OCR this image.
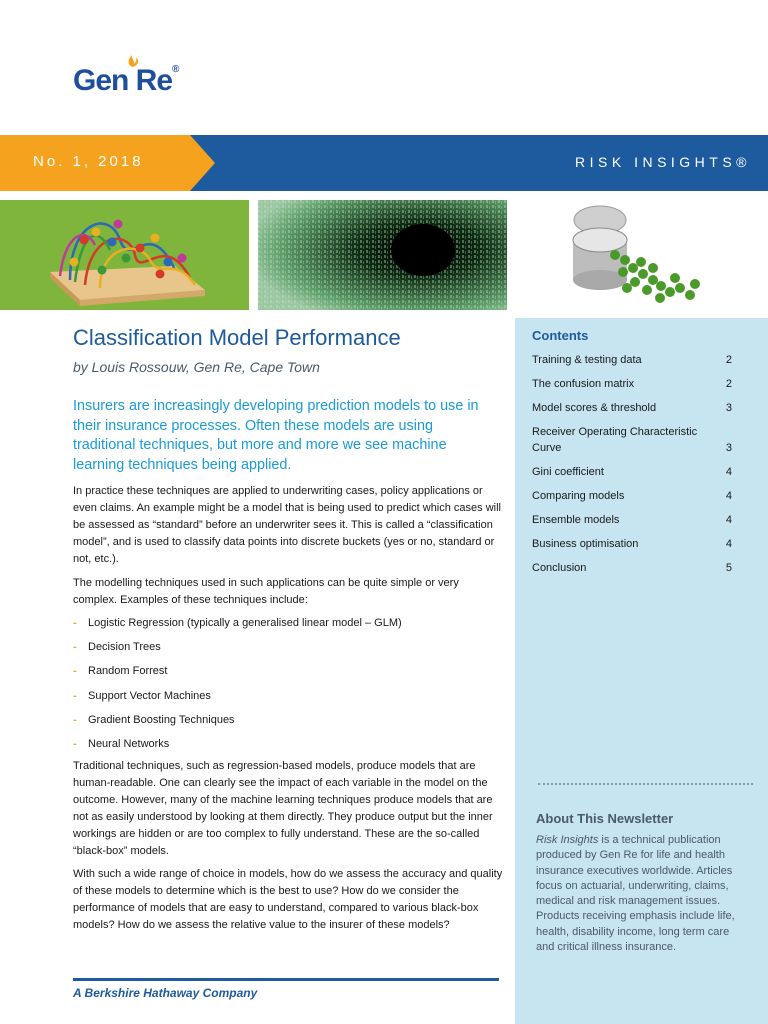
Gen Re®
No. 1, 2018	RISK INSIGHTS®
Contents
Training & testing data	2
The confusion matrix	2
Model scores & threshold	3
Receiver Operating Characteristic Curve	3
Gini coefficient	4
Comparing models	4
Ensemble models	4
Business optimisation	4
Conclusion	5
About This Newsletter
Risk Insights is a technical publication produced by Gen Re for life and health insurance executives worldwide. Articles focus on actuarial, underwriting, claims, medical and risk management issues. Products receiving emphasis include life, health, disability income, long term care and critical illness insurance.
Classification Model Performance
by Louis Rossouw, Gen Re, Cape Town
Insurers are increasingly developing prediction models to use in their insurance processes. Often these models are using traditional techniques, but more and more we see machine learning techniques being applied.
In practice these techniques are applied to underwriting cases, policy applications or even claims. An example might be a model that is being used to predict which cases will be assessed as “standard” before an underwriter sees it. This is called a “classification model”, and is used to classify data points into discrete buckets (yes or no, standard or not, etc.).
The modelling techniques used in such applications can be quite simple or very complex. Examples of these techniques include:
- Logistic Regression (typically a generalised linear model – GLM)
- Decision Trees
- Random Forrest
- Support Vector Machines
- Gradient Boosting Techniques
- Neural Networks
Traditional techniques, such as regression-based models, produce models that are human-readable. One can clearly see the impact of each variable in the model on the outcome. However, many of the machine learning techniques produce models that are not as easily understood by looking at them directly. They produce output but the inner workings are hidden or are too complex to fully understand. These are the so-called “black-box” models.
With such a wide range of choice in models, how do we assess the accuracy and quality of these models to determine which is the best to use? How do we consider the performance of models that are easy to understand, compared to various black-box models? How do we assess the relative value to the insurer of these models?
A Berkshire Hathaway Company
